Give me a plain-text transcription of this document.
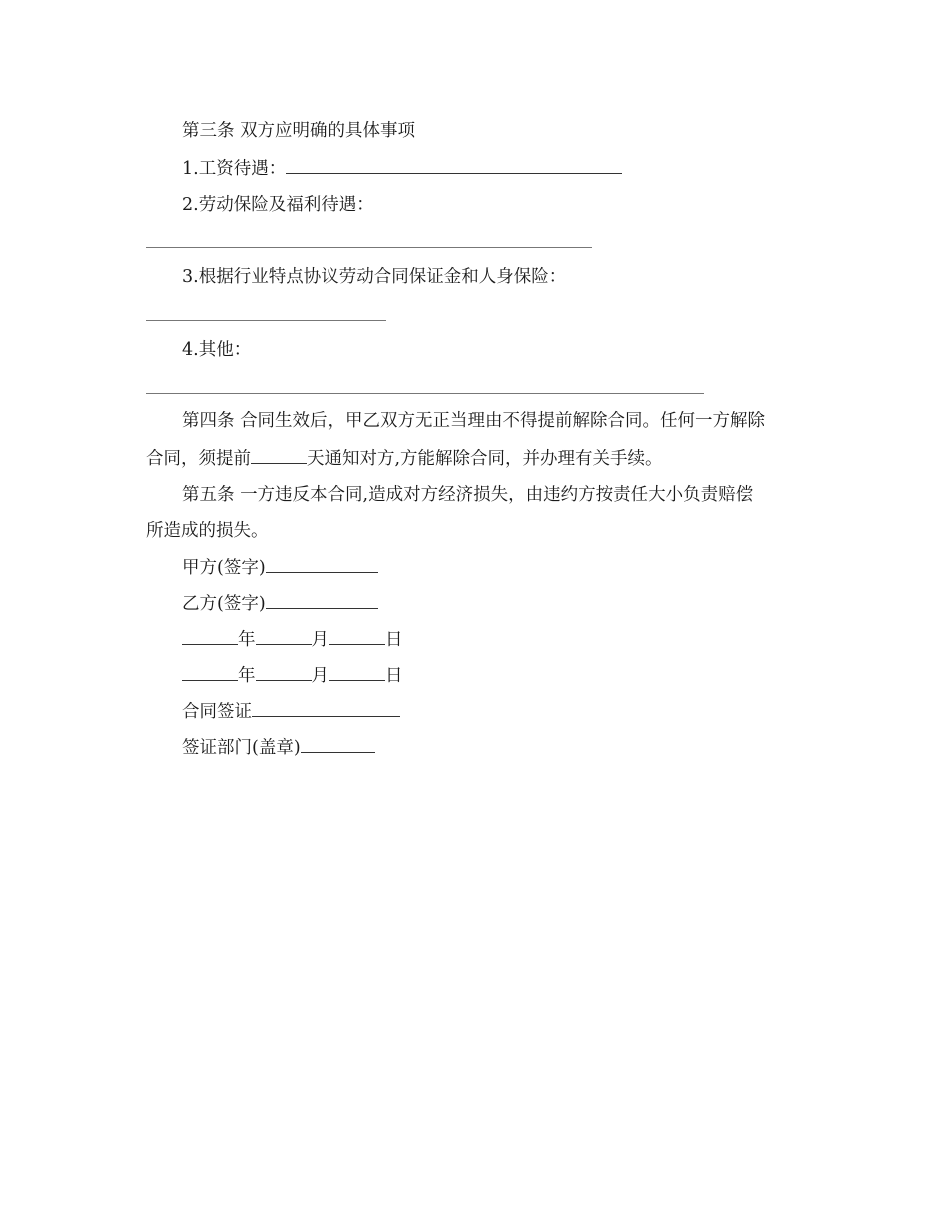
第三条 双方应明确的具体事项
1.工资待遇：
2.劳动保险及福利待遇：
3.根据行业特点协议劳动合同保证金和人身保险：
4.其他：
第四条 合同生效后，甲乙双方无正当理由不得提前解除合同。任何一方解除
合同，须提前	天通知对方,方能解除合同，并办理有关手续。
第五条 一方违反本合同,造成对方经济损失，由违约方按责任大小负责赔偿
所造成的损失。
甲方(签字)
乙方(签字)
年	月	日
年	月	日
合同签证
签证部门(盖章)
